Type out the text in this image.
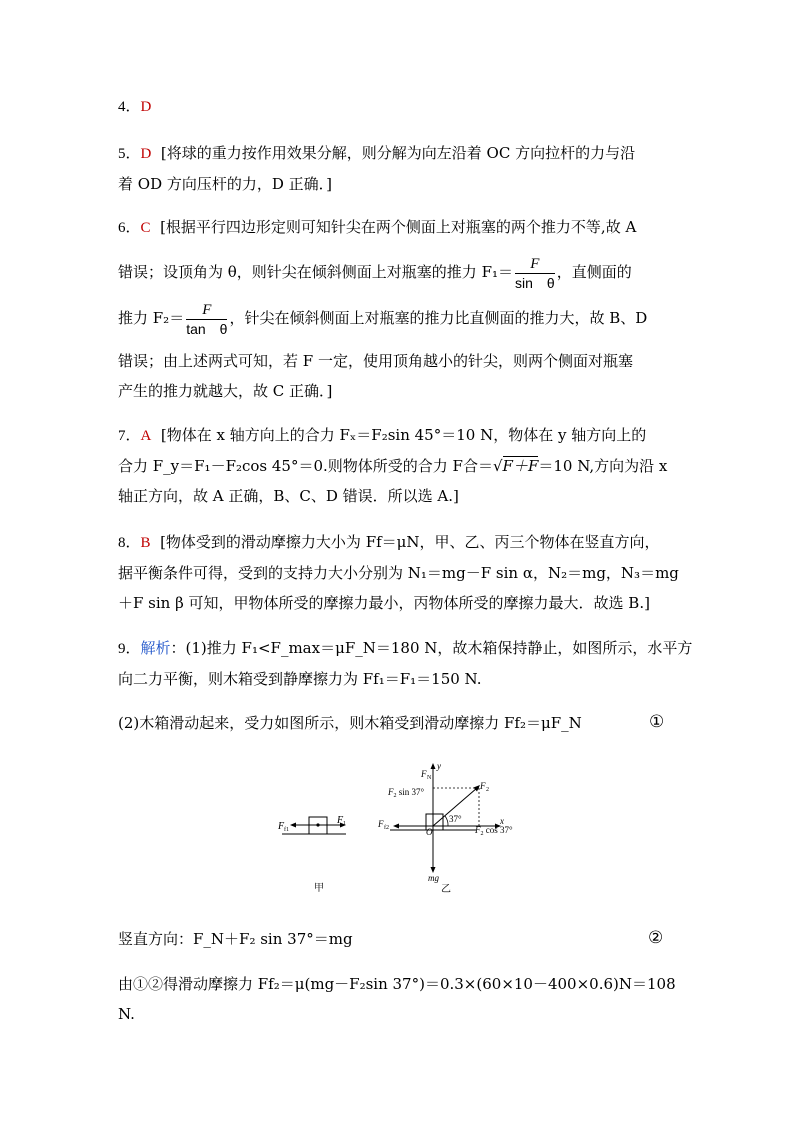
4．D
5．D [将球的重力按作用效果分解，则分解为向左沿着 OC 方向拉杆的力与沿
着 OD 方向压杆的力，D 正确．]
6．C [根据平行四边形定则可知针尖在两个侧面上对瓶塞的两个推力不等,故 A
错误；设顶角为 θ，则针尖在倾斜侧面上对瓶塞的推力 $F_1= \frac{F}{\text{sin　θ}}$ ，直侧面的
推力 $F_2= \frac{F}{\text{tan　θ}}$ ，针尖在倾斜侧面上对瓶塞的推力比直侧面的推力大，故 B、D
错误；由上述两式可知，若 F 一定，使用顶角越小的针尖，则两个侧面对瓶塞
产生的推力就越大，故 C 正确．]
7．A [物体在 x 轴方向上的合力 Fₓ＝F₂sin 45°＝10 N，物体在 y 轴方向上的
合力 F_y＝F₁－F₂cos 45°＝0.则物体所受的合力 F合＝√F＋F＝10 N,方向为沿 x
轴正方向，故 A 正确，B、C、D 错误．所以选 A.]
8．B [物体受到的滑动摩擦力大小为 Ff＝μN，甲、乙、丙三个物体在竖直方向，
据平衡条件可得，受到的支持力大小分别为 N₁＝mg－F sin α，N₂＝mg，N₃＝mg
＋F sin β 可知，甲物体所受的摩擦力最小，丙物体所受的摩擦力最大．故选 B.]
9．解析：(1)推力 F₁<F_max＝μF_N＝180 N，故木箱保持静止，如图所示，水平方
向二力平衡，则木箱受到静摩擦力为 Ff₁＝F₁＝150 N.
(2)木箱滑动起来，受力如图所示，则木箱受到滑动摩擦力 Ff₂＝μF_N	①
F f1
F 1
甲
F N
y
F 2
$F_2$ sin 37°
37°
F f2	O
x
$F_2$ cos 37°
mg
乙
竖直方向：F_N＋F₂ sin 37°＝mg	②
由①②得滑动摩擦力 Ff₂＝μ(mg－F₂sin 37°)＝0.3×(60×10－400×0.6)N＝108
N.
